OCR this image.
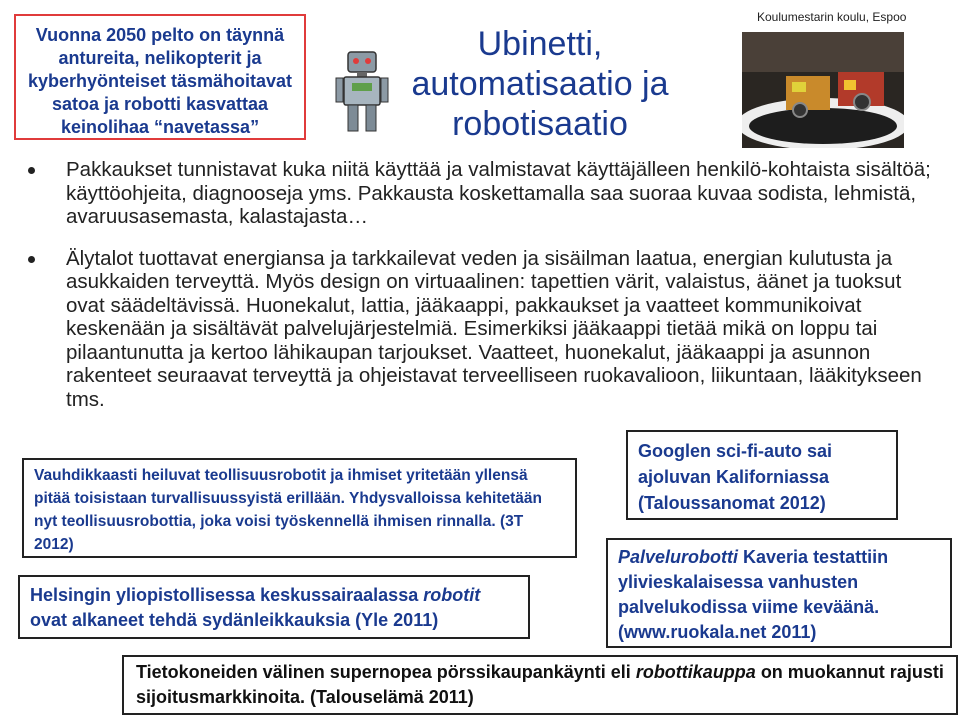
Vuonna 2050 pelto on täynnä
antureita, nelikopterit ja
kyberhyönteiset täsmähoitavat
satoa ja robotti kasvattaa
keinolihaa “navetassa”
Ubinetti,
automatisaatio ja
robotisaatio
Koulumestarin koulu, Espoo
Pakkaukset tunnistavat kuka niitä käyttää ja valmistavat käyttäjälleen henkilö-kohtaista sisältöä; käyttöohjeita, diagnooseja yms. Pakkausta koskettamalla saa suoraa kuvaa sodista, lehmistä, avaruusasemasta, kalastajasta…
Älytalot tuottavat energiansa ja tarkkailevat veden ja sisäilman laatua, energian kulutusta ja asukkaiden terveyttä. Myös design on virtuaalinen: tapettien värit, valaistus, äänet ja tuoksut ovat säädeltävissä. Huonekalut, lattia, jääkaappi, pakkaukset ja vaatteet kommunikoivat keskenään ja sisältävät palvelujärjestelmiä. Esimerkiksi jääkaappi tietää mikä on loppu tai pilaantunutta ja kertoo lähikaupan tarjoukset. Vaatteet, huonekalut, jääkaappi ja asunnon rakenteet seuraavat terveyttä ja ohjeistavat terveelliseen ruokavalioon, liikuntaan, lääkitykseen tms.
Vauhdikkaasti heiluvat teollisuusrobotit ja ihmiset yritetään yllensä pitää toisistaan turvallisuussyistä erillään. Yhdysvalloissa kehitetään nyt teollisuusrobottia, joka voisi työskennellä ihmisen rinnalla. (3T 2012)
Helsingin yliopistollisessa keskussairaalassa robotit ovat alkaneet tehdä sydänleikkauksia (Yle 2011)
Googlen sci-fi-auto sai ajoluvan Kaliforniassa (Taloussanomat 2012)
Palvelurobotti Kaveria testattiin ylivieskalaisessa vanhusten palvelukodissa viime keväänä. (www.ruokala.net 2011)
Tietokoneiden välinen supernopea pörssikaupankäynti eli robottikauppa on muokannut rajusti sijoitusmarkkinoita. (Talouselämä 2011)
